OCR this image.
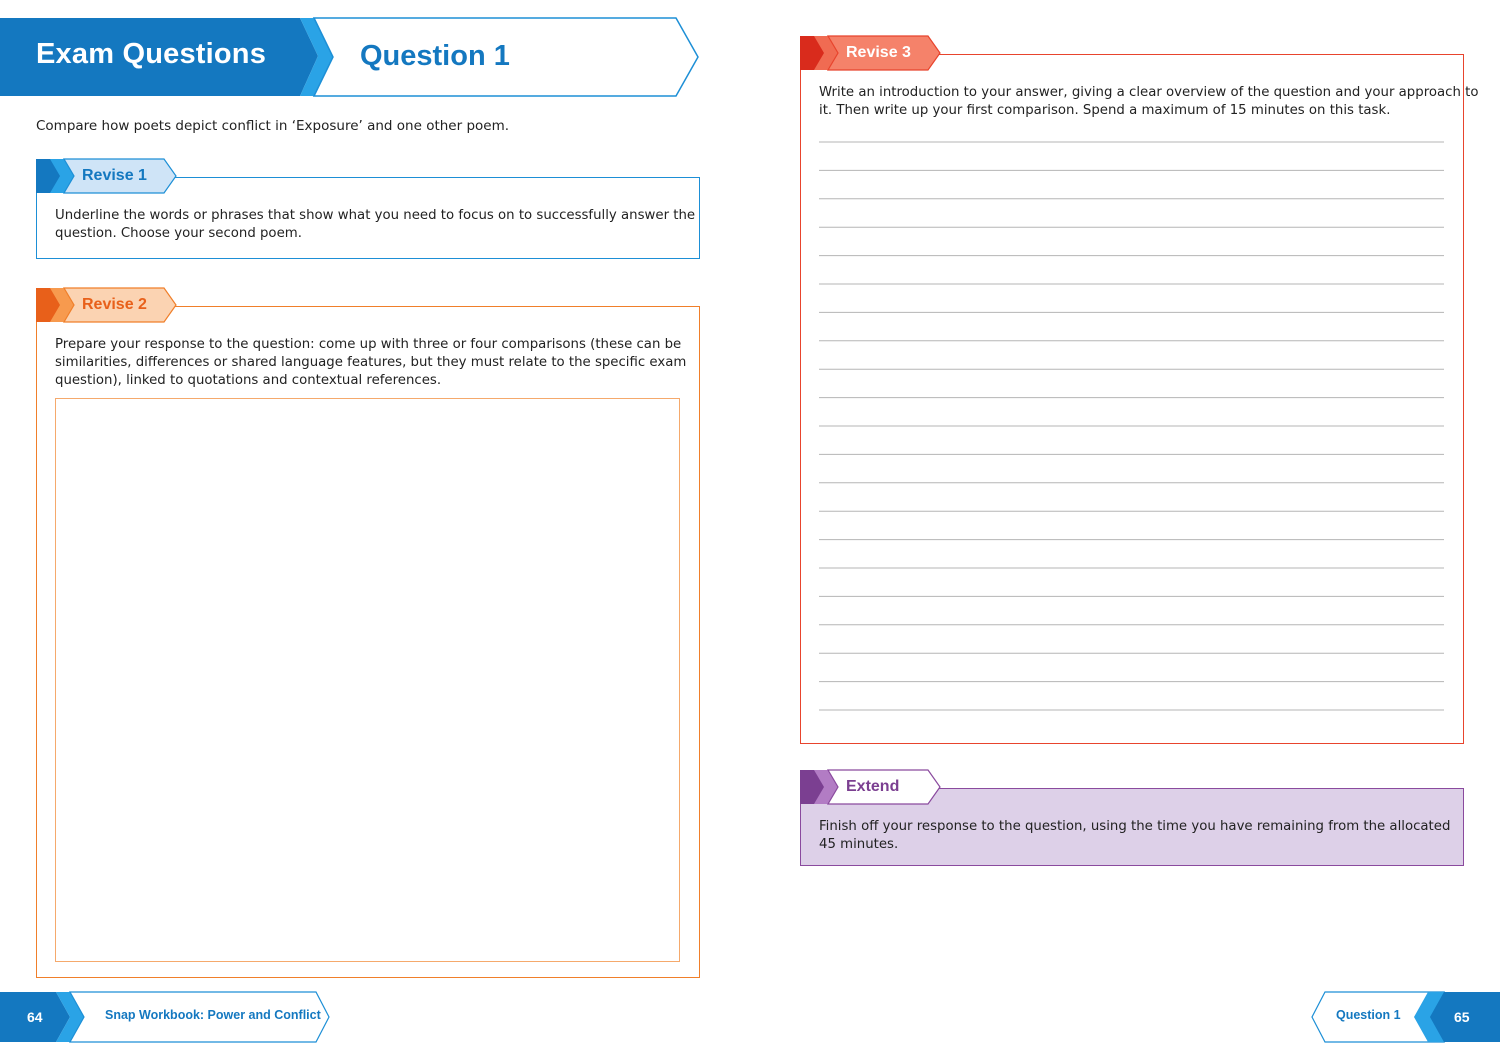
Exam Questions	Question 1
Compare how poets depict conflict in ‘Exposure’ and one other poem.
Revise 1
Underline the words or phrases that show what you need to focus on to successfully answer the
question. Choose your second poem.
Revise 2
Prepare your response to the question: come up with three or four comparisons (these can be
similarities, differences or shared language features, but they must relate to the specific exam
question), linked to quotations and contextual references.
Revise 3
Write an introduction to your answer, giving a clear overview of the question and your approach to
it. Then write up your first comparison. Spend a maximum of 15 minutes on this task.
Extend
Finish off your response to the question, using the time you have remaining from the allocated
45 minutes.
64	Snap Workbook: Power and Conflict	Question 1	65
